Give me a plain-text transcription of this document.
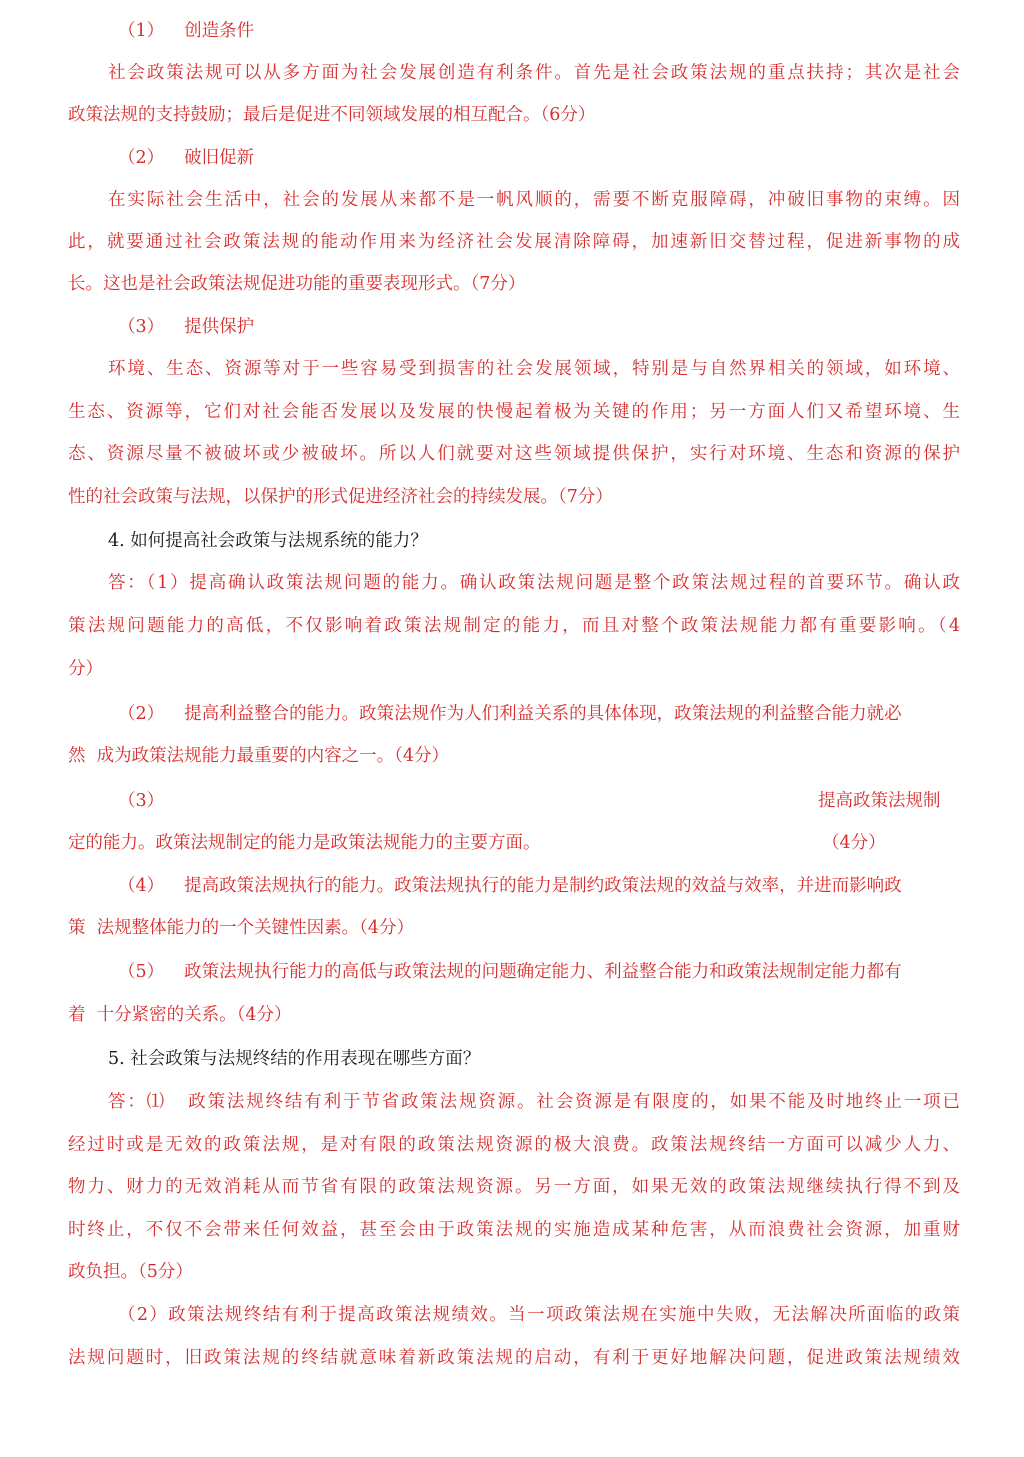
（1） 创造条件
社会政策法规可以从多方面为社会发展创造有利条件。首先是社会政策法规的重点扶持；其次是社会
政策法规的支持鼓励；最后是促进不同领域发展的相互配合。（6分）
（2） 破旧促新
在实际社会生活中，社会的发展从来都不是一帆风顺的，需要不断克服障碍，冲破旧事物的束缚。因
此，就要通过社会政策法规的能动作用来为经济社会发展清除障碍，加速新旧交替过程，促进新事物的成
长。这也是社会政策法规促进功能的重要表现形式。（7分）
（3） 提供保护
环境、生态、资源等对于一些容易受到损害的社会发展领域，特别是与自然界相关的领域，如环境、
生态、资源等，它们对社会能否发展以及发展的快慢起着极为关键的作用；另一方面人们又希望环境、生
态、资源尽量不被破坏或少被破坏。所以人们就要对这些领域提供保护，实行对环境、生态和资源的保护
性的社会政策与法规，以保护的形式促进经济社会的持续发展。（7分）
4. 如何提高社会政策与法规系统的能力？
答：（1）提高确认政策法规问题的能力。确认政策法规问题是整个政策法规过程的首要环节。确认政
策法规问题能力的高低，不仅影响着政策法规制定的能力，而且对整个政策法规能力都有重要影响。（4
分）
（2） 提高利益整合的能力。政策法规作为人们利益关系的具体体现，政策法规的利益整合能力就必
然  成为政策法规能力最重要的内容之一。（4分）
（3）	提高政策法规制
定的能力。政策法规制定的能力是政策法规能力的主要方面。	（4分）
（4） 提高政策法规执行的能力。政策法规执行的能力是制约政策法规的效益与效率，并进而影响政
策  法规整体能力的一个关键性因素。（4分）
（5） 政策法规执行能力的高低与政策法规的问题确定能力、利益整合能力和政策法规制定能力都有
着  十分紧密的关系。（4分）
5. 社会政策与法规终结的作用表现在哪些方面？
答：⑴   政策法规终结有利于节省政策法规资源。社会资源是有限度的，如果不能及时地终止一项已
经过时或是无效的政策法规，是对有限的政策法规资源的极大浪费。政策法规终结一方面可以减少人力、
物力、财力的无效消耗从而节省有限的政策法规资源。另一方面，如果无效的政策法规继续执行得不到及
时终止，不仅不会带来任何效益，甚至会由于政策法规的实施造成某种危害，从而浪费社会资源，加重财
政负担。（5分）
（2）政策法规终结有利于提高政策法规绩效。当一项政策法规在实施中失败，无法解决所面临的政策
法规问题时，旧政策法规的终结就意味着新政策法规的启动，有利于更好地解决问题，促进政策法规绩效
